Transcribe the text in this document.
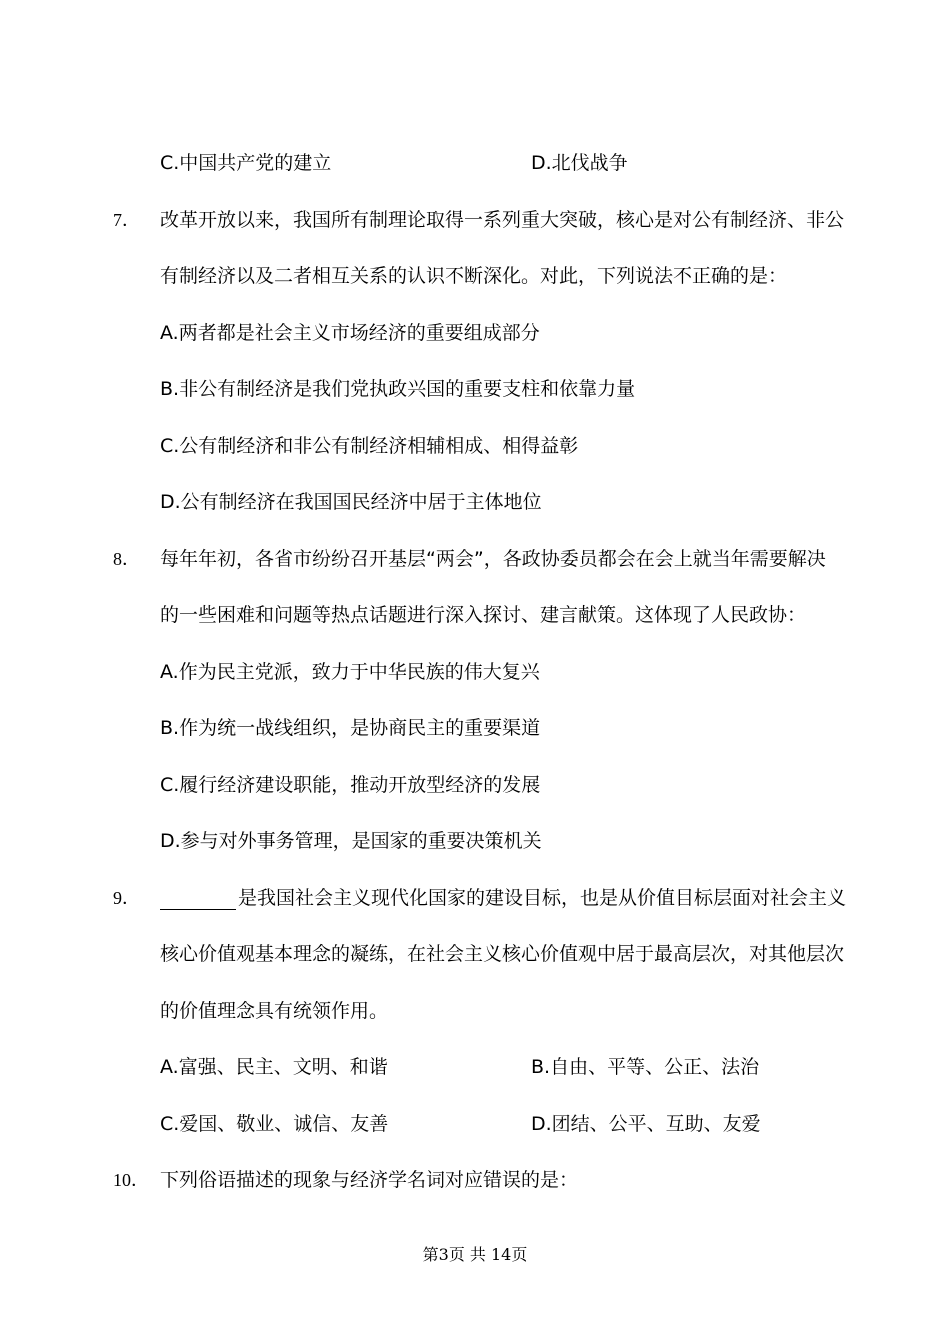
C.中国共产党的建立	D.北伐战争
7． 改革开放以来，我国所有制理论取得一系列重大突破，核心是对公有制经济、非公
有制经济以及二者相互关系的认识不断深化。对此，下列说法不正确的是：
A.两者都是社会主义市场经济的重要组成部分
B.非公有制经济是我们党执政兴国的重要支柱和依靠力量
C.公有制经济和非公有制经济相辅相成、相得益彰
D.公有制经济在我国国民经济中居于主体地位
8． 每年年初，各省市纷纷召开基层“两会”，各政协委员都会在会上就当年需要解决
的一些困难和问题等热点话题进行深入探讨、建言献策。这体现了人民政协：
A.作为民主党派，致力于中华民族的伟大复兴
B.作为统一战线组织，是协商民主的重要渠道
C.履行经济建设职能，推动开放型经济的发展
D.参与对外事务管理，是国家的重要决策机关
9．	是我国社会主义现代化国家的建设目标，也是从价值目标层面对社会主义
核心价值观基本理念的凝练，在社会主义核心价值观中居于最高层次，对其他层次
的价值理念具有统领作用。
A.富强、民主、文明、和谐	B.自由、平等、公正、法治
C.爱国、敬业、诚信、友善	D.团结、公平、互助、友爱
10． 下列俗语描述的现象与经济学名词对应错误的是：
第3页 共 14页
